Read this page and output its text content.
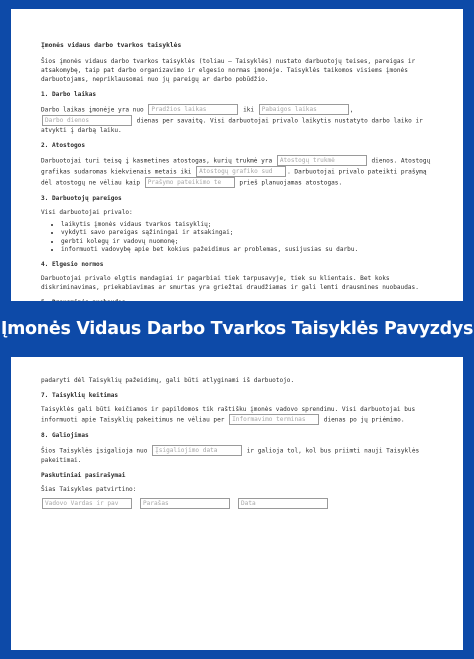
Įmonės vidaus darbo tvarkos taisyklės

Šios įmonės vidaus darbo tvarkos taisyklės (toliau – Taisyklės) nustato darbuotojų teises, pareigas ir atsakomybę, taip pat darbo organizavimo ir elgesio normas įmonėje. Taisyklės taikomos visiems įmonės darbuotojams, nepriklausomai nuo jų pareigų ar darbo pobūdžio.

1. Darbo laikas

Darbo laikas įmonėje yra nuo Pradžios laikas	iki Pabaigos laikas	, Darbo dienos	dienas per savaitę. Visi darbuotojai privalo laikytis nustatyto darbo laiko ir atvykti į darbą laiku.

2. Atostogos

Darbuotojai turi teisę į kasmetines atostogas, kurių trukmė yra Atostogų trukmė	dienos. Atostogų grafikas sudaromas kiekvienais metais iki Atostogų grafiko sud . Darbuotojai privalo pateikti prašymą dėl atostogų ne vėliau kaip Prašymo pateikimo te	prieš planuojamas atostogas.

3. Darbuotojų pareigos

Visi darbuotojai privalo:

• laikytis įmonės vidaus tvarkos taisyklių;
• vykdyti savo pareigas sąžiningai ir atsakingai;
• gerbti kolegų ir vadovų nuomonę;
• informuoti vadovybę apie bet kokius pažeidimus ar problemas, susijusias su darbu.
4. Elgesio normos

Darbuotojai privalo elgtis mandagiai ir pagarbiai tiek tarpusavyje, tiek su klientais. Bet koks diskriminavimas, priekabiavimas ar smurtas yra griežtai draudžiamas ir gali lemti drausmines nuobaudas.

padaryti dėl Taisyklių pažeidimų, gali būti atlyginami iš darbuotojo.

7. Taisyklių keitimas

Taisyklės gali būti keičiamos ir papildomos tik raštišku įmonės vadovo sprendimu. Visi darbuotojai bus informuoti apie Taisyklių pakeitimus ne vėliau per Informavimo terminas	dienas po jų priėmimo.

8. Galiojimas

Šios Taisyklės įsigalioja nuo Įsigaliojimo data	ir galioja tol, kol bus priimti nauji Taisyklės pakeitimai.

Paskutiniai pasirašymai

Šias Taisykles patvirtino:

Vadovo Vardas ir pav	Parašas	Data
Įmonės Vidaus Darbo Tvarkos Taisyklės Pavyzdys
